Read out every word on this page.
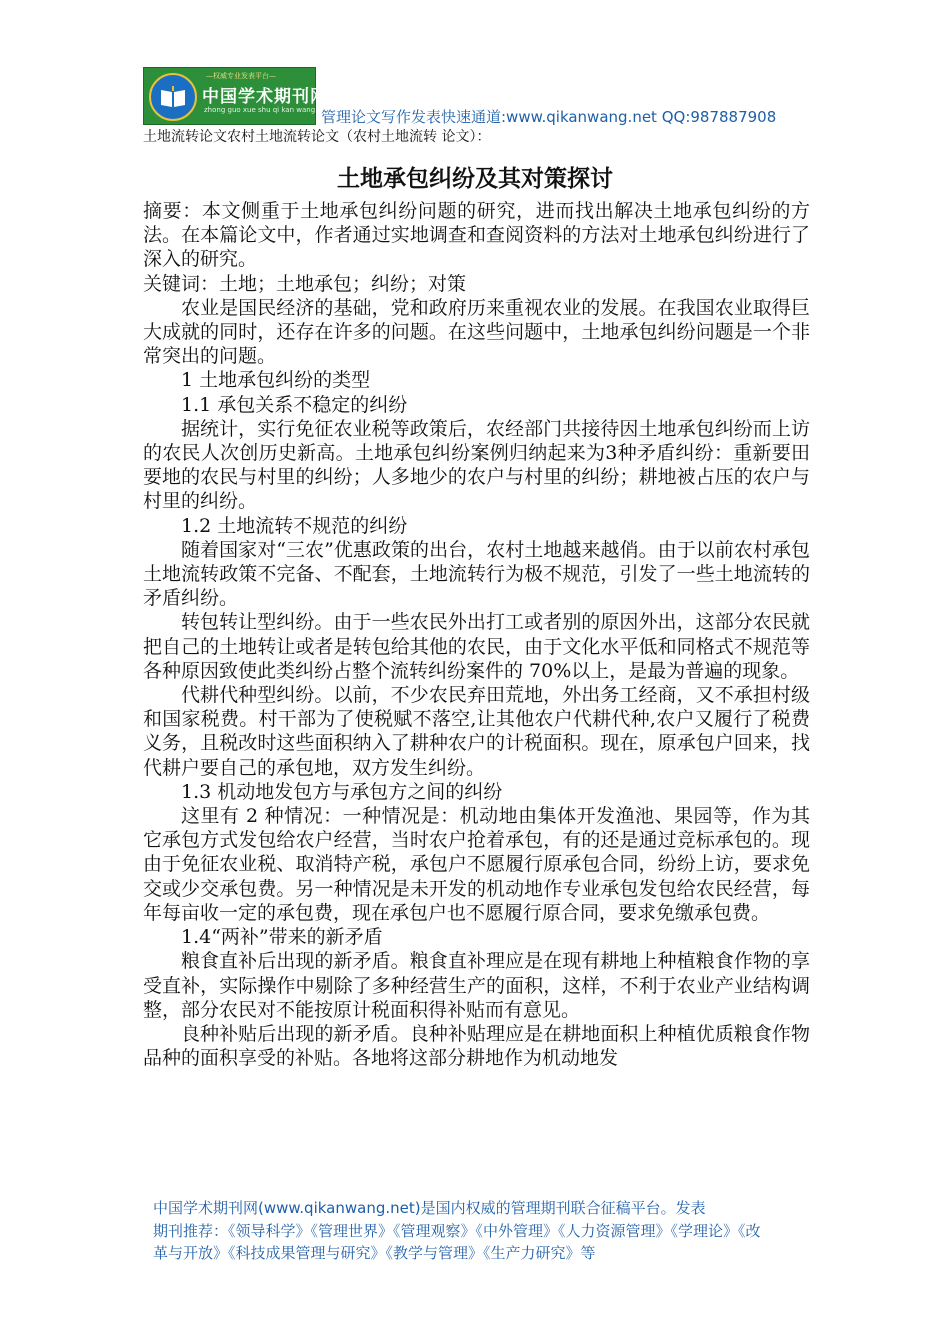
—权威专业发表平台—
中国学术期刊网
zhong guo xue shu qi kan wang 管理论文写作发表快速通道:www.qikanwang.net QQ:987887908
土地流转论文农村土地流转论文（农村土地流转 论文）：
土地承包纠纷及其对策探讨

摘要：本文侧重于土地承包纠纷问题的研究，进而找出解决土地承包纠纷的方法。在本篇论文中，作者通过实地调查和查阅资料的方法对土地承包纠纷进行了深入的研究。

关键词：土地；土地承包；纠纷；对策

农业是国民经济的基础，党和政府历来重视农业的发展。在我国农业取得巨大成就的同时，还存在许多的问题。在这些问题中，土地承包纠纷问题是一个非常突出的问题。

1 土地承包纠纷的类型

1.1 承包关系不稳定的纠纷

据统计，实行免征农业税等政策后，农经部门共接待因土地承包纠纷而上访的农民人次创历史新高。土地承包纠纷案例归纳起来为3种矛盾纠纷：重新要田要地的农民与村里的纠纷；人多地少的农户与村里的纠纷；耕地被占压的农户与村里的纠纷。

1.2 土地流转不规范的纠纷

随着国家对“三农”优惠政策的出台，农村土地越来越俏。由于以前农村承包土地流转政策不完备、不配套，土地流转行为极不规范，引发了一些土地流转的矛盾纠纷。

转包转让型纠纷。由于一些农民外出打工或者别的原因外出，这部分农民就把自己的土地转让或者是转包给其他的农民，由于文化水平低和同格式不规范等各种原因致使此类纠纷占整个流转纠纷案件的 70%以上，是最为普遍的现象。

代耕代种型纠纷。以前，不少农民弃田荒地，外出务工经商，又不承担村级和国家税费。村干部为了使税赋不落空,让其他农户代耕代种,农户又履行了税费义务，且税改时这些面积纳入了耕种农户的计税面积。现在，原承包户回来，找代耕户要自己的承包地，双方发生纠纷。

1.3 机动地发包方与承包方之间的纠纷

这里有 2 种情况：一种情况是：机动地由集体开发渔池、果园等，作为其它承包方式发包给农户经营，当时农户抢着承包，有的还是通过竞标承包的。现由于免征农业税、取消特产税，承包户不愿履行原承包合同，纷纷上访，要求免交或少交承包费。另一种情况是未开发的机动地作专业承包发包给农民经营，每年每亩收一定的承包费，现在承包户也不愿履行原合同，要求免缴承包费。

1.4“两补”带来的新矛盾

粮食直补后出现的新矛盾。粮食直补理应是在现有耕地上种植粮食作物的享受直补，实际操作中剔除了多种经营生产的面积，这样，不利于农业产业结构调整，部分农民对不能按原计税面积得补贴而有意见。

良种补贴后出现的新矛盾。良种补贴理应是在耕地面积上种植优质粮食作物品种的面积享受的补贴。各地将这部分耕地作为机动地发

中国学术期刊网(www.qikanwang.net)是国内权威的管理期刊联合征稿平台。发表

期刊推荐：《领导科学》《管理世界》《管理观察》《中外管理》《人力资源管理》《学理论》《改

革与开放》《科技成果管理与研究》《教学与管理》《生产力研究》等
